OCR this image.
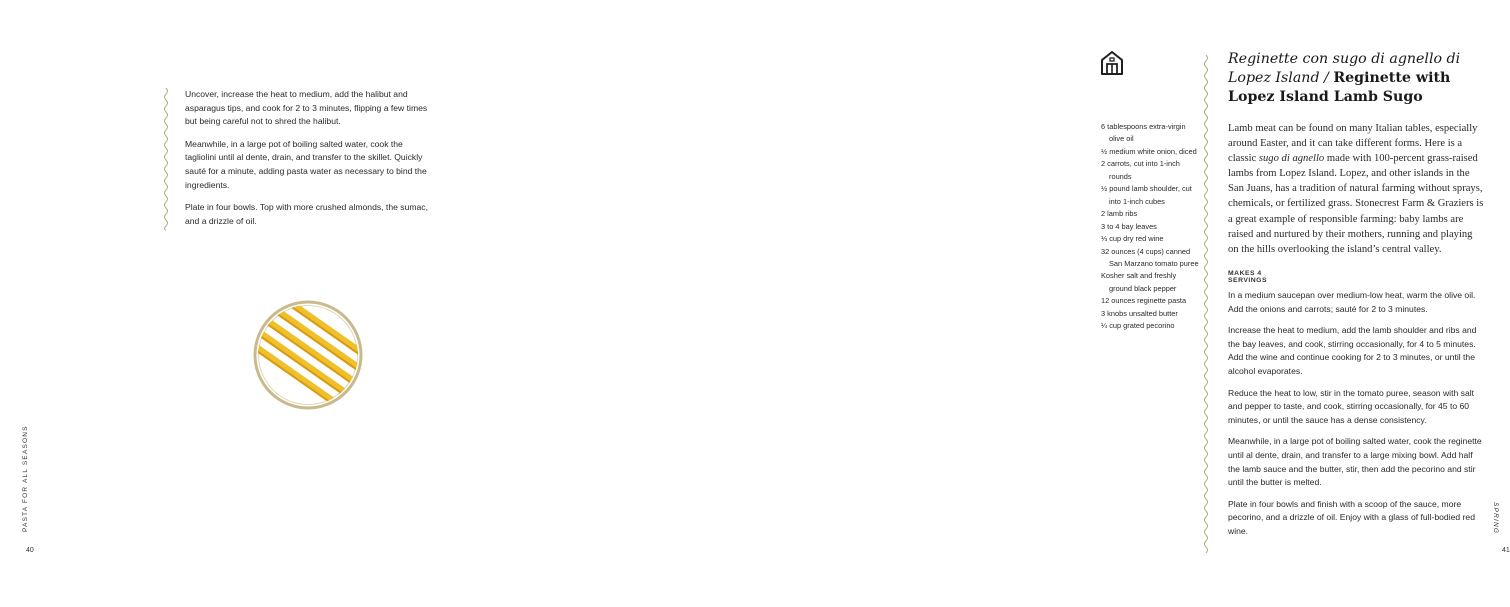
Uncover, increase the heat to medium, add the halibut and asparagus tips, and cook for 2 to 3 minutes, flipping a few times but being careful not to shred the halibut.

Meanwhile, in a large pot of boiling salted water, cook the tagliolini until al dente, drain, and transfer to the skillet. Quickly sauté for a minute, adding pasta water as necessary to bind the ingredients.

Plate in four bowls. Top with more crushed almonds, the sumac, and a drizzle of oil.

PASTA FOR ALL SEASONS
40

6 tablespoons extra-virgin olive oil

½ medium white onion, diced

2 carrots, cut into 1-inch rounds

½ pound lamb shoulder, cut into 1-inch cubes

2 lamb ribs

3 to 4 bay leaves

⅓ cup dry red wine

32 ounces (4 cups) canned San Marzano tomato puree

Kosher salt and freshly ground black pepper

12 ounces reginette pasta

3 knobs unsalted butter

¼ cup grated pecorino

Reginette con sugo di agnello di Lopez Island / Reginette with Lopez Island Lamb Sugo
Lamb meat can be found on many Italian tables, especially around Easter, and it can take different forms. Here is a classic sugo di agnello made with 100-percent grass-raised lambs from Lopez Island. Lopez, and other islands in the San Juans, has a tradition of natural farming without sprays, chemicals, or fertilized grass. Stonecrest Farm & Graziers is a great example of responsible farming: baby lambs are raised and nurtured by their mothers, running and playing on the hills overlooking the island’s central valley.
MAKES 4 SERVINGS

In a medium saucepan over medium-low heat, warm the olive oil. Add the onions and carrots; sauté for 2 to 3 minutes.

Increase the heat to medium, add the lamb shoulder and ribs and the bay leaves, and cook, stirring occasionally, for 4 to 5 minutes. Add the wine and continue cooking for 2 to 3 minutes, or until the alcohol evaporates.

Reduce the heat to low, stir in the tomato puree, season with salt and pepper to taste, and cook, stirring occasionally, for 45 to 60 minutes, or until the sauce has a dense consistency.

Meanwhile, in a large pot of boiling salted water, cook the reginette until al dente, drain, and transfer to a large mixing bowl. Add half the lamb sauce and the butter, stir, then add the pecorino and stir until the butter is melted.

Plate in four bowls and finish with a scoop of the sauce, more pecorino, and a drizzle of oil. Enjoy with a glass of full-bodied red wine.	SPRING
41
